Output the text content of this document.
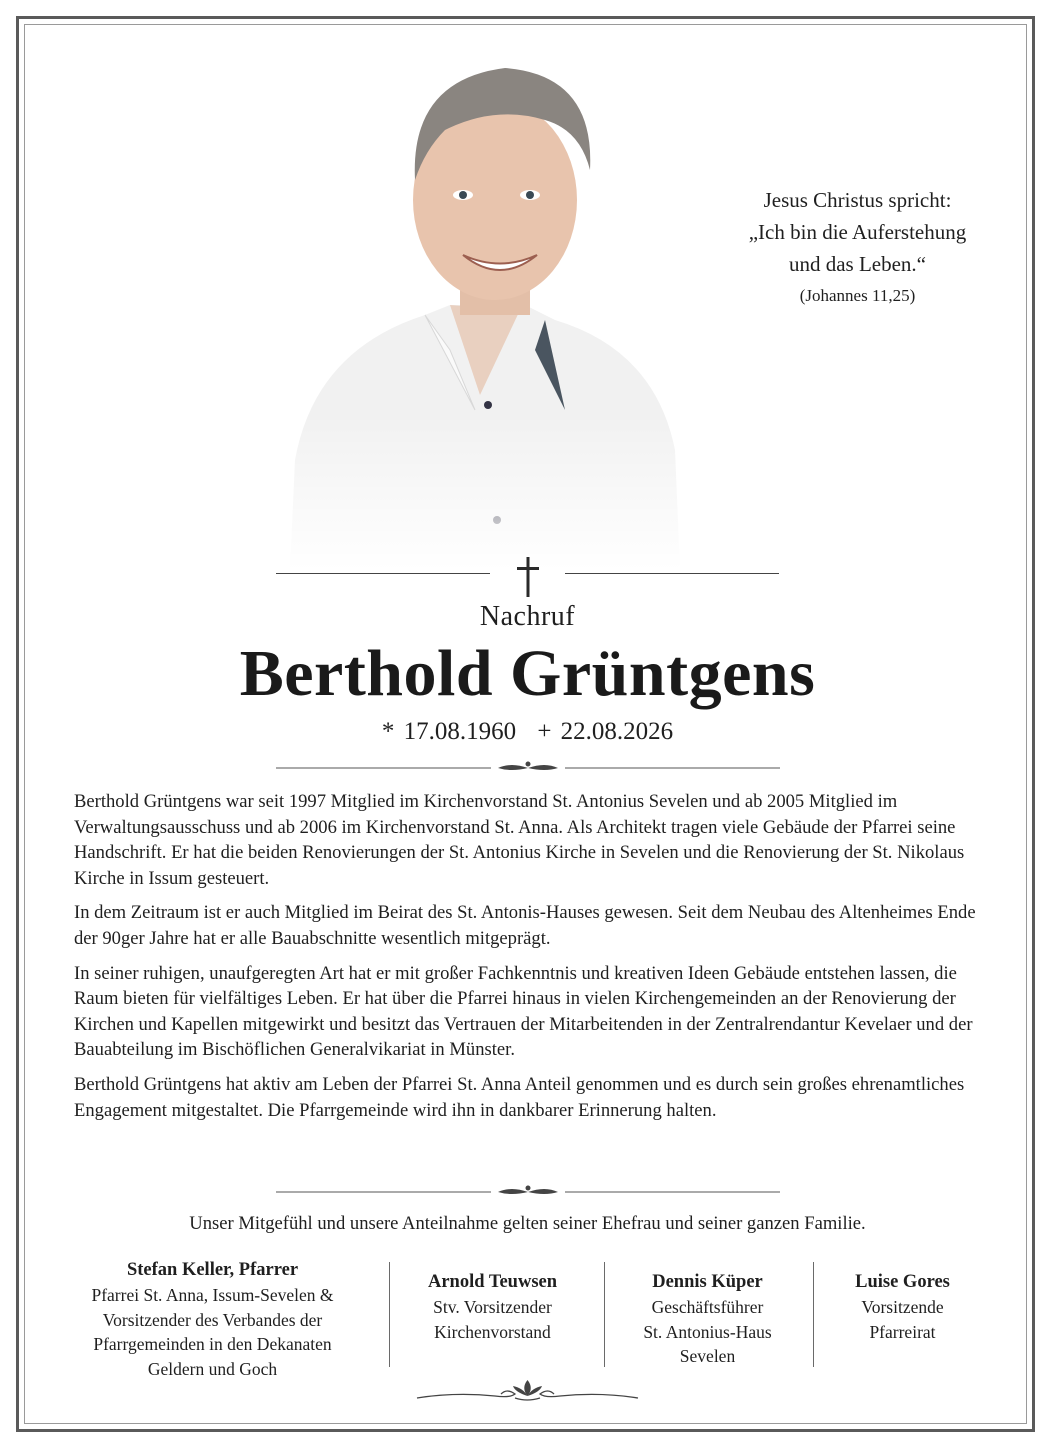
Jesus Christus spricht:
„Ich bin die Auferstehung
und das Leben.“
(Johannes 11,25)
Nachruf
Berthold Grüntgens
* 17.08.1960 + 22.08.2026

Berthold Grüntgens war seit 1997 Mitglied im Kirchenvorstand St. Antonius Sevelen und ab 2005 Mitglied im Verwaltungsausschuss und ab 2006 im Kirchenvorstand St. Anna. Als Architekt tragen viele Gebäude der Pfarrei seine Handschrift. Er hat die beiden Renovierungen der St. Antonius Kirche in Sevelen und die Renovierung der St. Nikolaus Kirche in Issum gesteuert.

In dem Zeitraum ist er auch Mitglied im Beirat des St. Antonis-Hauses gewesen. Seit dem Neubau des Altenheimes Ende der 90ger Jahre hat er alle Bauabschnitte wesentlich mitgeprägt.

In seiner ruhigen, unaufgeregten Art hat er mit großer Fachkenntnis und kreativen Ideen Gebäude entstehen lassen, die Raum bieten für vielfältiges Leben. Er hat über die Pfarrei hinaus in vielen Kirchengemeinden an der Renovierung der Kirchen und Kapellen mitgewirkt und besitzt das Vertrauen der Mitarbeitenden in der Zentralrendantur Kevelaer und der Bauabteilung im Bischöflichen Generalvikariat in Münster.

Berthold Grüntgens hat aktiv am Leben der Pfarrei St. Anna Anteil genommen und es durch sein großes ehrenamtliches Engagement mitgestaltet. Die Pfarrgemeinde wird ihn in dankbarer Erinnerung halten.

Unser Mitgefühl und unsere Anteilnahme gelten seiner Ehefrau und seiner ganzen Familie.
Stefan Keller, Pfarrer
Pfarrei St. Anna, Issum-Sevelen &
Vorsitzender des Verbandes der
Pfarrgemeinden in den Dekanaten
Geldern und Goch
Arnold Teuwsen
Stv. Vorsitzender
Kirchenvorstand
Dennis Küper
Geschäftsführer
St. Antonius-Haus
Sevelen
Luise Gores
Vorsitzende
Pfarreirat
